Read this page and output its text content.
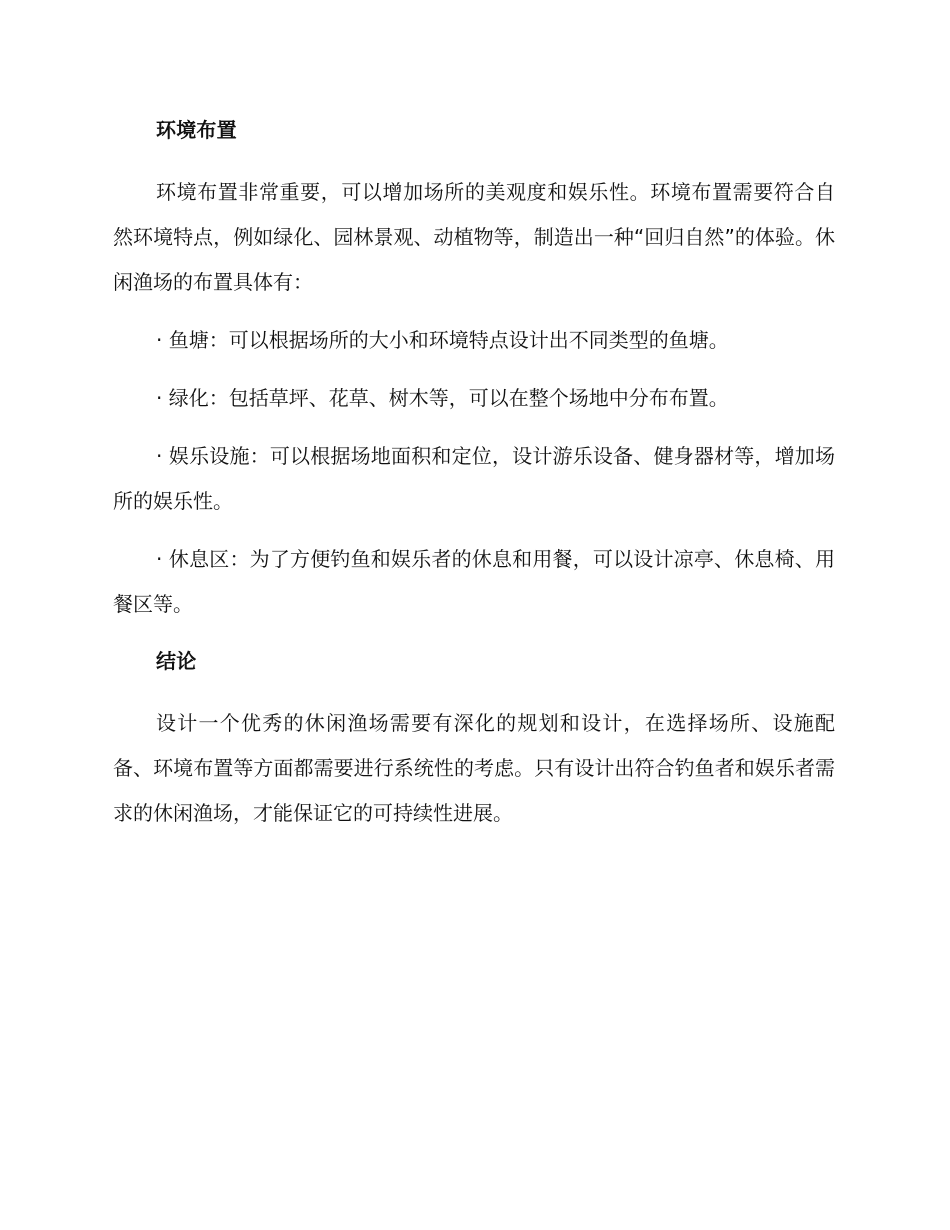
环境布置

环境布置非常重要，可以增加场所的美观度和娱乐性。环境布置需要符合自然环境特点，例如绿化、园林景观、动植物等，制造出一种“回归自然”的体验。休闲渔场的布置具体有：

· 鱼塘：可以根据场所的大小和环境特点设计出不同类型的鱼塘。

· 绿化：包括草坪、花草、树木等，可以在整个场地中分布布置。

· 娱乐设施：可以根据场地面积和定位，设计游乐设备、健身器材等，增加场所的娱乐性。

· 休息区：为了方便钓鱼和娱乐者的休息和用餐，可以设计凉亭、休息椅、用餐区等。

结论

设计一个优秀的休闲渔场需要有深化的规划和设计，在选择场所、设施配备、环境布置等方面都需要进行系统性的考虑。只有设计出符合钓鱼者和娱乐者需求的休闲渔场，才能保证它的可持续性进展。
